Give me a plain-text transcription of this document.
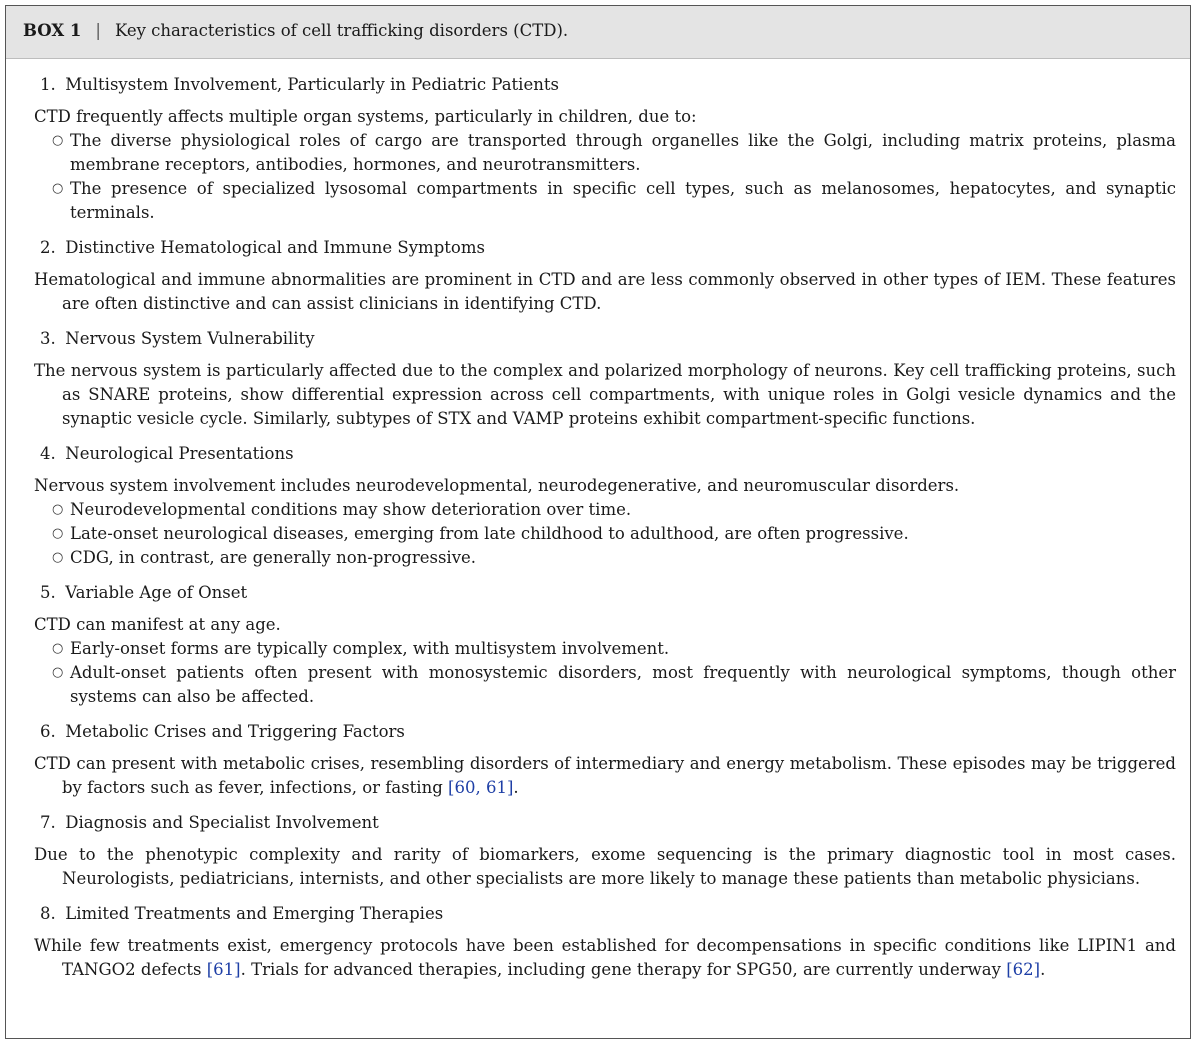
BOX 1 | Key characteristics of cell trafficking disorders (CTD).
1. Multisystem Involvement, Particularly in Pediatric Patients

CTD frequently affects multiple organ systems, particularly in children, due to:

○ The diverse physiological roles of cargo are transported through organelles like the Golgi, including matrix proteins, plasma membrane receptors, antibodies, hormones, and neurotransmitters.
○ The presence of specialized lysosomal compartments in specific cell types, such as melanosomes, hepatocytes, and synaptic terminals.
2. Distinctive Hematological and Immune Symptoms

Hematological and immune abnormalities are prominent in CTD and are less commonly observed in other types of IEM. These features are often distinctive and can assist clinicians in identifying CTD.

3. Nervous System Vulnerability

The nervous system is particularly affected due to the complex and polarized morphology of neurons. Key cell trafficking proteins, such as SNARE proteins, show differential expression across cell compartments, with unique roles in Golgi vesicle dynamics and the synaptic vesicle cycle. Similarly, subtypes of STX and VAMP proteins exhibit compartment-specific functions.

4. Neurological Presentations

Nervous system involvement includes neurodevelopmental, neurodegenerative, and neuromuscular disorders.

○ Neurodevelopmental conditions may show deterioration over time.
○ Late-onset neurological diseases, emerging from late childhood to adulthood, are often progressive.
○ CDG, in contrast, are generally non-progressive.
5. Variable Age of Onset

CTD can manifest at any age.

○ Early-onset forms are typically complex, with multisystem involvement.
○ Adult-onset patients often present with monosystemic disorders, most frequently with neurological symptoms, though other systems can also be affected.
6. Metabolic Crises and Triggering Factors

CTD can present with metabolic crises, resembling disorders of intermediary and energy metabolism. These episodes may be triggered by factors such as fever, infections, or fasting [60, 61].

7. Diagnosis and Specialist Involvement

Due to the phenotypic complexity and rarity of biomarkers, exome sequencing is the primary diagnostic tool in most cases. Neurologists, pediatricians, internists, and other specialists are more likely to manage these patients than metabolic physicians.

8. Limited Treatments and Emerging Therapies

While few treatments exist, emergency protocols have been established for decompensations in specific conditions like LIPIN1 and TANGO2 defects [61]. Trials for advanced therapies, including gene therapy for SPG50, are currently underway [62].
